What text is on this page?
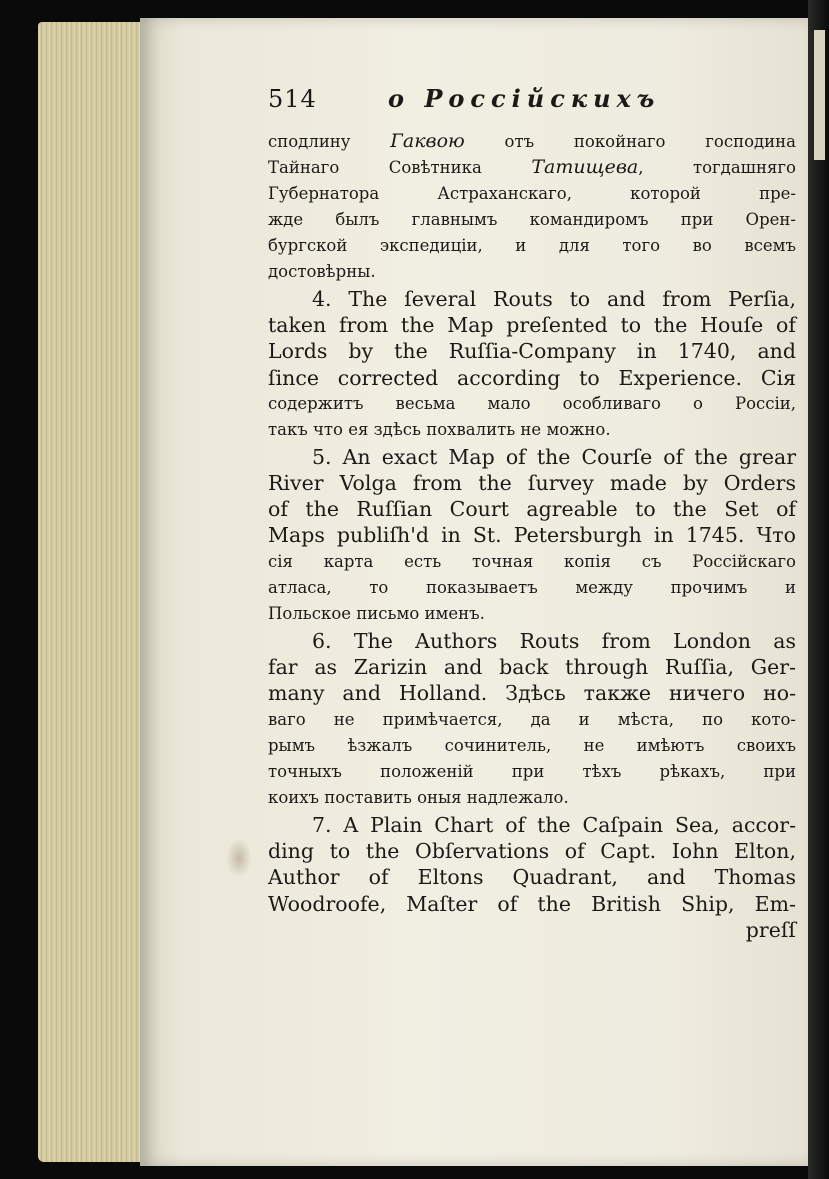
514	о Россійскихъ
сподлину Гаквою отъ покойнаго господина
Тайнаго Совѣтника Татищева, тогдашняго
Губернатора Астраханскаго, которой пре-
жде былъ главнымъ командиромъ при Орен-
бургской экспедиціи, и для того во всемъ
достовѣрны.
4. The ſeveral Routs to and from Perſia,
taken from the Map preſented to the Houſe of
Lords by the Ruſſia-Company in 1740, and
ſince corrected according to Experience. Сія
содержитъ весьма мало особливаго о Россіи,
такъ что ея здѣсь похвалить не можно.
5. An exact Map of the Courſe of the grear
River Volga from the ſurvey made by Orders
of the Ruſſian Court agreable to the Set of
Maps publiſh'd in St. Petersburgh in 1745. Что
сія карта есть точная копія съ Россійскаго
атласа, то показываетъ между прочимъ и
Польское письмо именъ.
6. The Authors Routs from London as
far as Zarizin and back through Ruſſia, Ger-
many and Holland. Здѣсь также ничего но-
ваго не примѣчается, да и мѣста, по кото-
рымъ ѣзжалъ сочинитель, не имѣютъ своихъ
точныхъ положеній при тѣхъ рѣкахъ, при
коихъ поставить оныя надлежало.
7. A Plain Chart of the Caſpain Sea, accor-
ding to the Obſervations of Capt. Iohn Elton,
Author of Eltons Quadrant, and Thomas
Woodroofe, Maſter of the British Ship, Em-
preſſ
